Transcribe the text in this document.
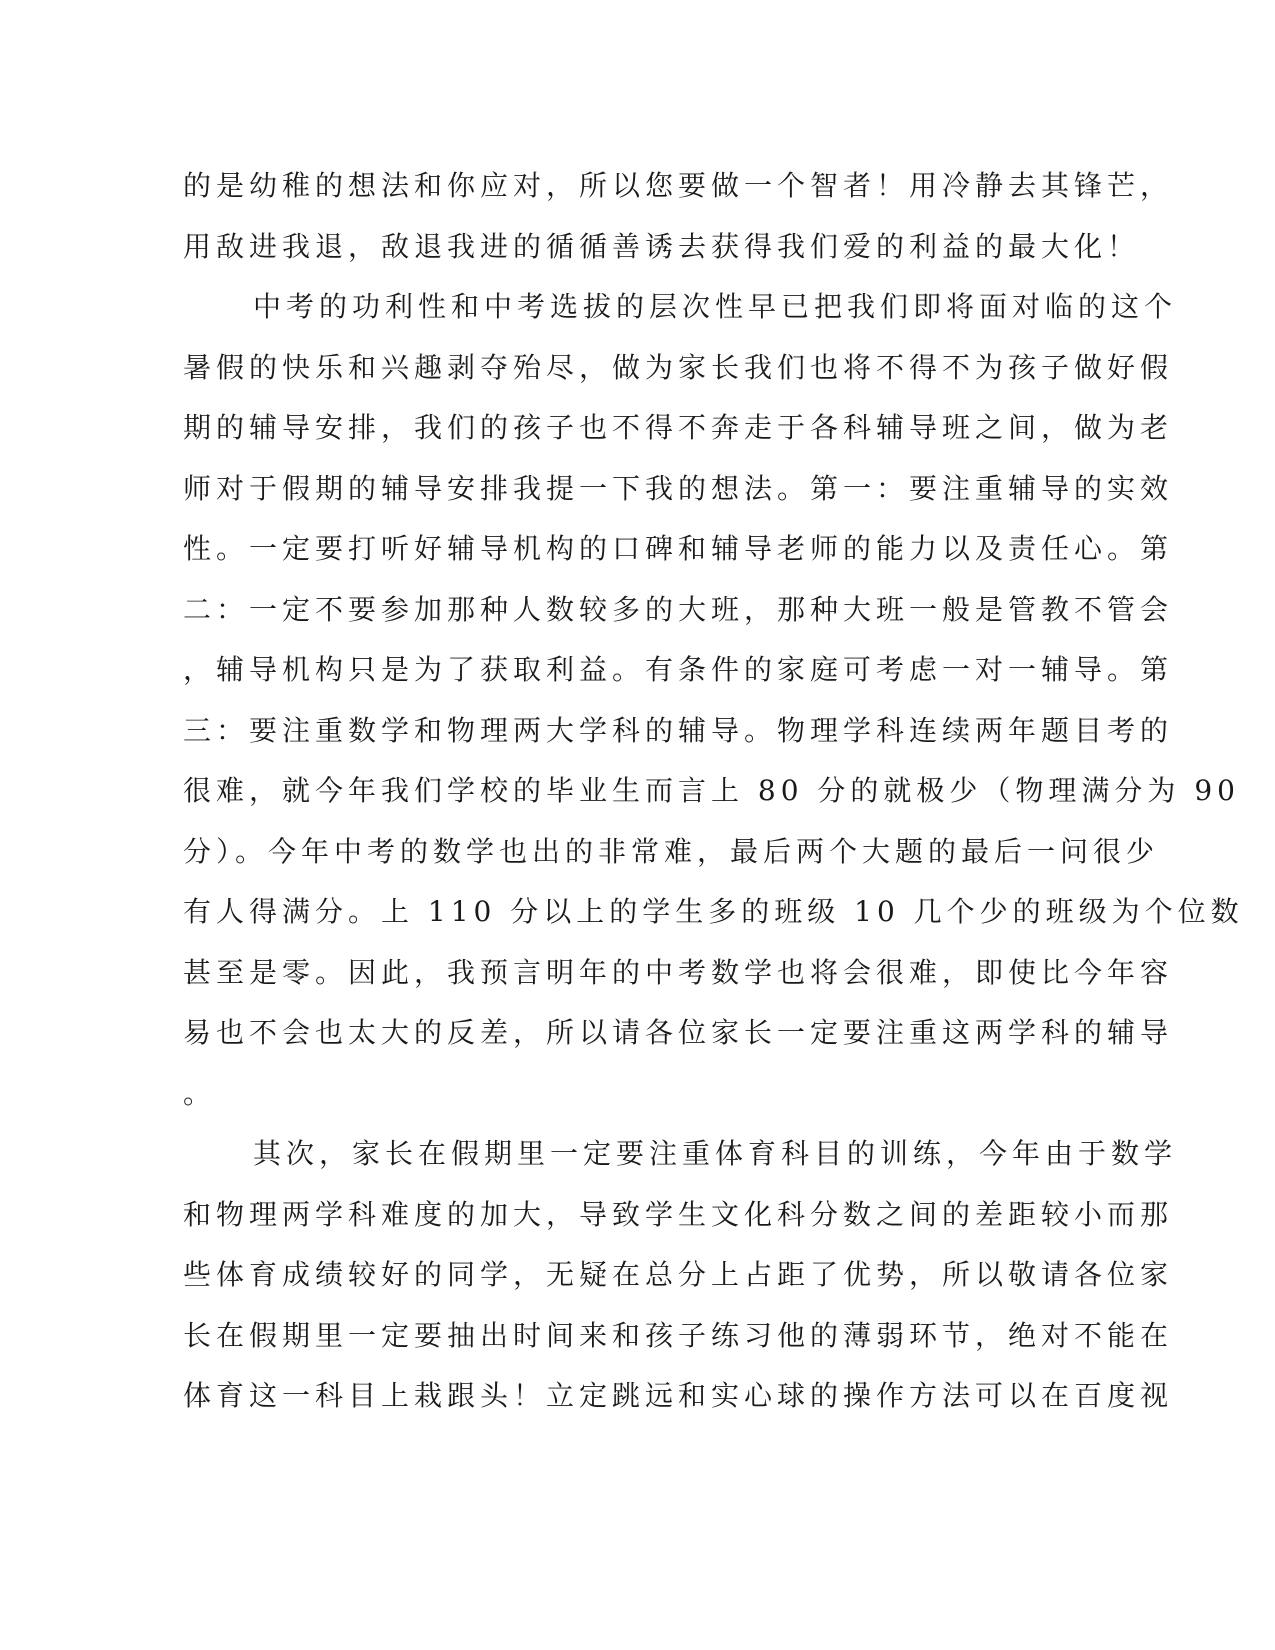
的是幼稚的想法和你应对，所以您要做一个智者！用冷静去其锋芒，
用敌进我退，敌退我进的循循善诱去获得我们爱的利益的最大化！
中考的功利性和中考选拔的层次性早已把我们即将面对临的这个
暑假的快乐和兴趣剥夺殆尽，做为家长我们也将不得不为孩子做好假
期的辅导安排，我们的孩子也不得不奔走于各科辅导班之间，做为老
师对于假期的辅导安排我提一下我的想法。第一：要注重辅导的实效
性。一定要打听好辅导机构的口碑和辅导老师的能力以及责任心。第
二：一定不要参加那种人数较多的大班，那种大班一般是管教不管会
，辅导机构只是为了获取利益。有条件的家庭可考虑一对一辅导。第
三：要注重数学和物理两大学科的辅导。物理学科连续两年题目考的
很难，就今年我们学校的毕业生而言上 80 分的就极少（物理满分为 90
分）。今年中考的数学也出的非常难，最后两个大题的最后一问很少
有人得满分。上 110 分以上的学生多的班级 10 几个少的班级为个位数
甚至是零。因此，我预言明年的中考数学也将会很难，即使比今年容
易也不会也太大的反差，所以请各位家长一定要注重这两学科的辅导
。
其次，家长在假期里一定要注重体育科目的训练，今年由于数学
和物理两学科难度的加大，导致学生文化科分数之间的差距较小而那
些体育成绩较好的同学，无疑在总分上占距了优势，所以敬请各位家
长在假期里一定要抽出时间来和孩子练习他的薄弱环节，绝对不能在
体育这一科目上栽跟头！立定跳远和实心球的操作方法可以在百度视
